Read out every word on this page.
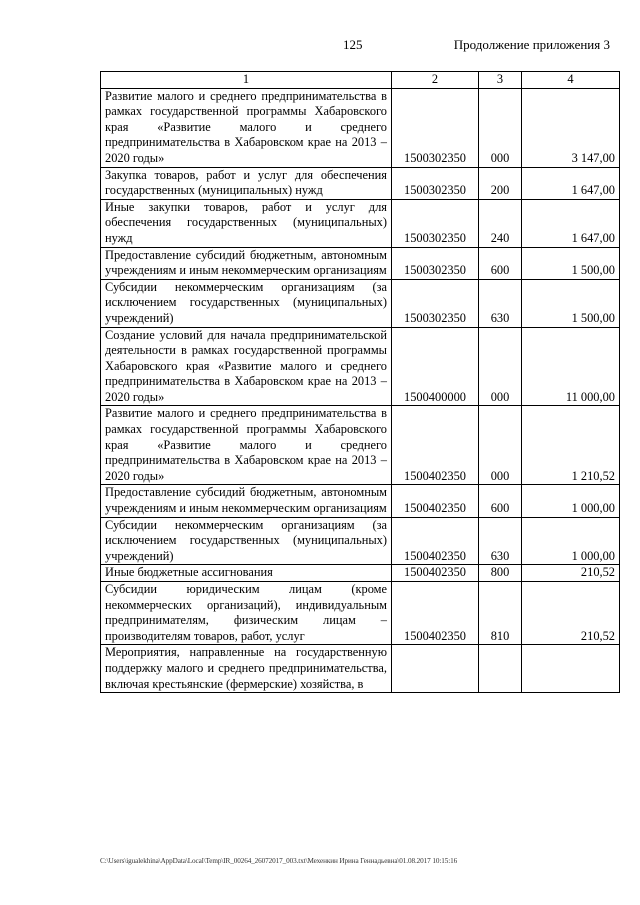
125	Продолжение приложения 3
1	2	3	4
Развитие малого и среднего предпринимательства в рамках государственной программы Хабаровского края «Развитие малого и среднего предпринимательства в Хабаровском крае на 2013 – 2020 годы»	1500302350	000	3 147,00
Закупка товаров, работ и услуг для обеспечения государственных (муниципальных) нужд	1500302350	200	1 647,00
Иные закупки товаров, работ и услуг для обеспечения государственных (муниципальных) нужд	1500302350	240	1 647,00
Предоставление субсидий бюджетным, автономным учреждениям и иным некоммерческим организациям	1500302350	600	1 500,00
Субсидии некоммерческим организациям (за исключением государственных (муниципальных) учреждений)	1500302350	630	1 500,00
Создание условий для начала предпринимательской деятельности в рамках государственной программы Хабаровского края «Развитие малого и среднего предпринимательства в Хабаровском крае на 2013 – 2020 годы»	1500400000	000	11 000,00
Развитие малого и среднего предпринимательства в рамках государственной программы Хабаровского края «Развитие малого и среднего предпринимательства в Хабаровском крае на 2013 – 2020 годы»	1500402350	000	1 210,52
Предоставление субсидий бюджетным, автономным учреждениям и иным некоммерческим организациям	1500402350	600	1 000,00
Субсидии некоммерческим организациям (за исключением государственных (муниципальных) учреждений)	1500402350	630	1 000,00
Иные бюджетные ассигнования	1500402350	800	210,52
Субсидии юридическим лицам (кроме некоммерческих организаций), индивидуальным предпринимателям, физическим лицам – производителям товаров, работ, услуг	1500402350	810	210,52
Мероприятия, направленные на государственную поддержку малого и среднего предпринимательства, включая крестьянские (фермерские) хозяйства, в			
C:\Users\igualekhina\AppData\Local\Temp\IR_00264_26072017_003.txt\Мехенкин Ирина Геннадьевна\01.08.2017 10:15:16
